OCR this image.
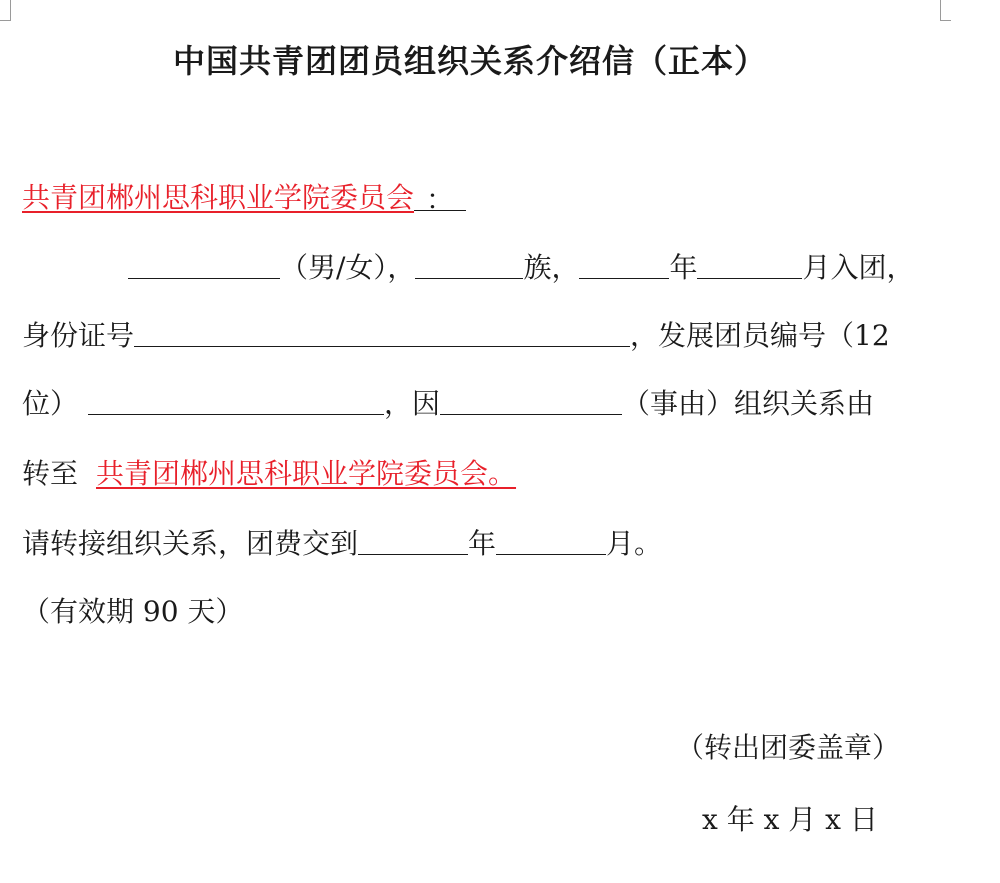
中国共青团团员组织关系介绍信（正本）
共青团郴州思科职业学院委员会 ：
（男/女），	族，	年	月入团，
身份证号	，发展团员编号（12
位）	，因	（事由）组织关系由
转至 共青团郴州思科职业学院委员会。
请转接组织关系，团费交到	年	月。
（有效期 90 天）
（转出团委盖章）
x 年 x 月 x 日
